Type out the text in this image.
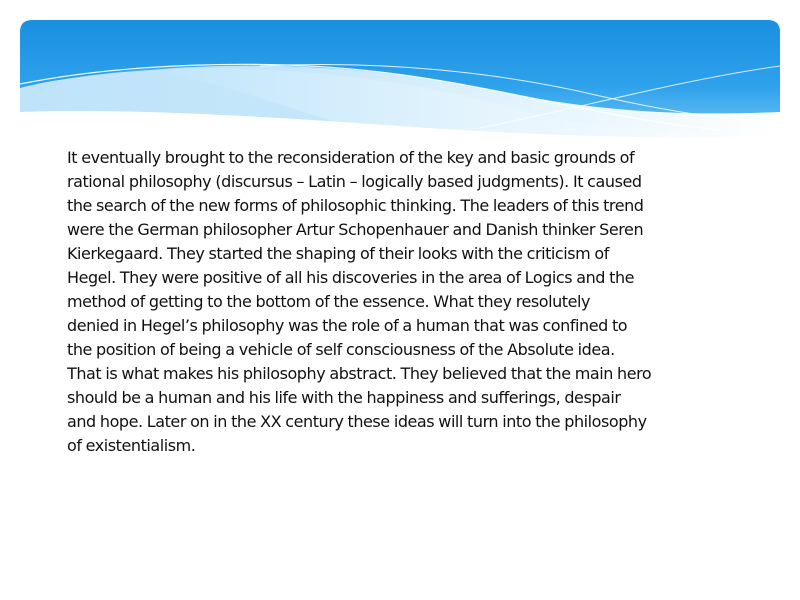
It eventually brought to the reconsideration of the key and basic grounds of
rational philosophy (discursus – Latin – logically based judgments). It caused
the search of the new forms of philosophic thinking. The leaders of this trend
were the German philosopher Artur Schopenhauer and Danish thinker Seren
Kierkegaard. They started the shaping of their looks with the criticism of
Hegel. They were positive of all his discoveries in the area of Logics and the
method of getting to the bottom of the essence. What they resolutely
denied in Hegel’s philosophy was the role of a human that was confined to
the position of being a vehicle of self consciousness of the Absolute idea.
That is what makes his philosophy abstract. They believed that the main hero
should be a human and his life with the happiness and sufferings, despair
and hope. Later on in the XX century these ideas will turn into the philosophy
of existentialism.
